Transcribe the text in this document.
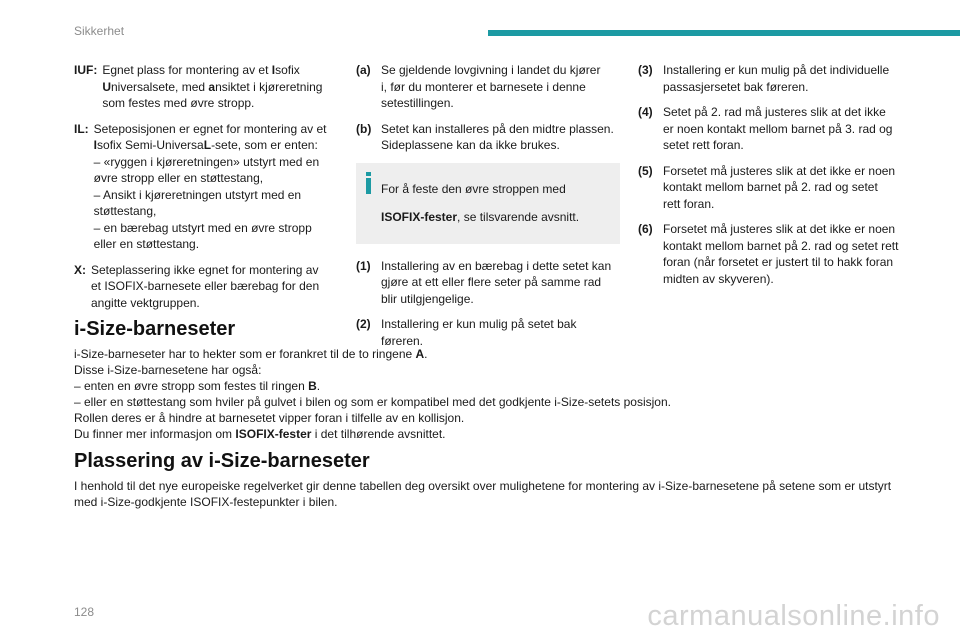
Sikkerhet
IUF: Egnet plass for montering av et Isofix

Universalsete, med ansiktet i kjøreretning

som festes med øvre stropp.

IL: Seteposisjonen er egnet for montering av et

Isofix Semi-UniversaL-sete, som er enten:

– «ryggen i kjøreretningen» utstyrt med en

øvre stropp eller en støttestang,

– Ansikt i kjøreretningen utstyrt med en

støttestang,

– en bærebag utstyrt med en øvre stropp

eller en støttestang.

X: Seteplassering ikke egnet for montering av

et ISOFIX-barnesete eller bærebag for den

angitte vektgruppen.

(a) Se gjeldende lovgivning i landet du kjører

i, før du monterer et barnesete i denne

setestillingen.

(b) Setet kan installeres på den midtre plassen.

Sideplassene kan da ikke brukes.

For å feste den øvre stroppen med

ISOFIX-fester, se tilsvarende avsnitt.

(1) Installering av en bærebag i dette setet kan

gjøre at ett eller flere seter på samme rad

blir utilgjengelige.

(2) Installering er kun mulig på setet bak

føreren.

(3) Installering er kun mulig på det individuelle

passasjersetet bak føreren.

(4) Setet på 2. rad må justeres slik at det ikke

er noen kontakt mellom barnet på 3. rad og

setet rett foran.

(5) Forsetet må justeres slik at det ikke er noen

kontakt mellom barnet på 2. rad og setet

rett foran.

(6) Forsetet må justeres slik at det ikke er noen

kontakt mellom barnet på 2. rad og setet rett

foran (når forsetet er justert til to hakk foran

midten av skyveren).

i-Size-barneseter

i-Size-barneseter har to hekter som er forankret til de to ringene A.

Disse i-Size-barnesetene har også:

– enten en øvre stropp som festes til ringen B.

– eller en støttestang som hviler på gulvet i bilen og som er kompatibel med det godkjente i-Size-setets posisjon.

Rollen deres er å hindre at barnesetet vipper foran i tilfelle av en kollisjon.

Du finner mer informasjon om ISOFIX-fester i det tilhørende avsnittet.

Plassering av i-Size-barneseter

I henhold til det nye europeiske regelverket gir denne tabellen deg oversikt over mulighetene for montering av i-Size-barnesetene på setene som er utstyrt

med i-Size-godkjente ISOFIX-festepunkter i bilen.

128	carmanualsonline.info
